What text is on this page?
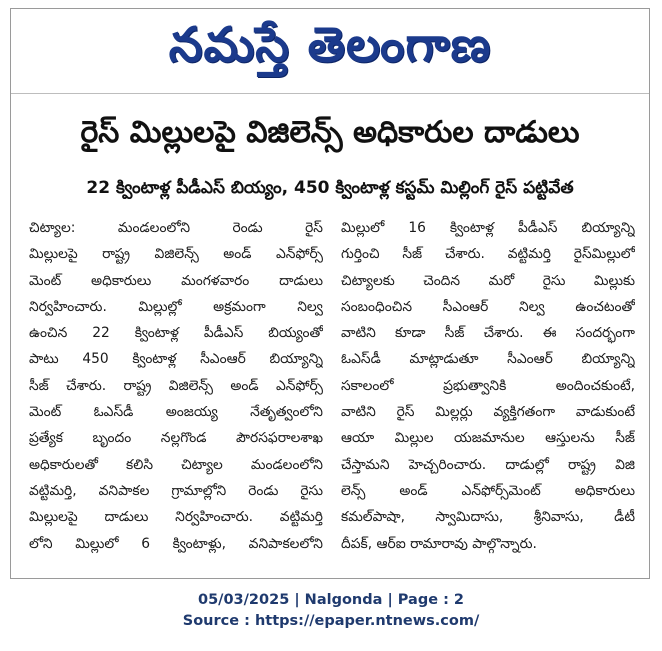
నమస్తే తెలంగాణ
రైస్ మిల్లులపై విజిలెన్స్ అధికారుల దాడులు
22 క్వింటాళ్ల పీడీఎస్ బియ్యం, 450 క్వింటాళ్ల కస్టమ్ మిల్లింగ్ రైస్ పట్టివేత
చిట్యాల: మండలంలోని రెండు రైస్
మిల్లులపై రాష్ట్ర విజిలెన్స్ అండ్ ఎన్‌ఫోర్స్
మెంట్ అధికారులు మంగళవారం దాడులు
నిర్వహించారు. మిల్లుల్లో అక్రమంగా నిల్వ
ఉంచిన 22 క్వింటాళ్ల పీడీఎస్ బియ్యంతో
పాటు 450 క్వింటాళ్ల సీఎంఆర్ బియ్యాన్ని
సీజ్ చేశారు. రాష్ట్ర విజిలెన్స్ అండ్ ఎన్‌ఫోర్స్
మెంట్ ఓఎస్‌డీ అంజయ్య నేతృత్వంలోని
ప్రత్యేక బృందం నల్లగొండ పౌరసఫరాలశాఖ
అధికారులతో కలిసి చిట్యాల మండలంలోని
వట్టిమర్తి, వనిపాకల గ్రామాల్లోని రెండు రైసు
మిల్లులపై దాడులు నిర్వహించారు. వట్టిమర్తి
లోని మిల్లులో 6 క్వింటాళ్లు, వనిపాకలలోని
మిల్లులో 16 క్వింటాళ్ల పీడీఎస్ బియ్యాన్ని
గుర్తించి సీజ్ చేశారు. వట్టిమర్తి రైస్‌మిల్లులో
చిట్యాలకు చెందిన మరో రైసు మిల్లుకు
సంబంధించిన సీఎంఆర్ నిల్వ ఉంచటంతో
వాటిని కూడా సీజ్ చేశారు. ఈ సందర్భంగా
ఓఎస్‌డీ మాట్లాడుతూ సీఎంఆర్ బియ్యాన్ని
సకాలంలో ప్రభుత్వానికి అందించకుంటే,
వాటిని రైస్ మిల్లర్లు వ్యక్తిగతంగా వాడుకుంటే
ఆయా మిల్లుల యజమానుల ఆస్తులను సీజ్
చేస్తామని హెచ్చరించారు. దాడుల్లో రాష్ట్ర విజి
లెన్స్ అండ్ ఎన్‌ఫోర్స్‌మెంట్ అధికారులు
కమల్‌పాషా, స్వామిదాసు, శ్రీనివాసు, డీటీ
దీపక్, ఆర్ఐ రామారావు పాల్గొన్నారు.
05/03/2025 | Nalgonda | Page : 2
Source : https://epaper.ntnews.com/
